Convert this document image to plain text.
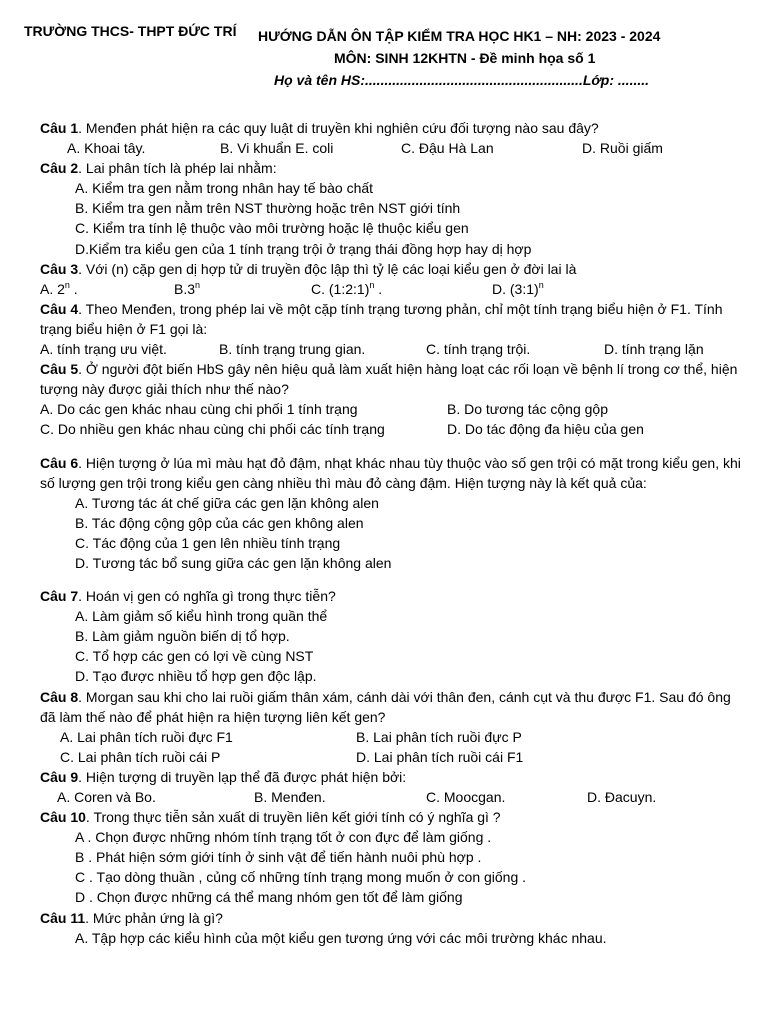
TRƯỜNG THCS- THPT ĐỨC TRÍ	HƯỚNG DẪN ÔN TẬP KIỂM TRA HỌC HK1 – NH: 2023 - 2024
MÔN: SINH 12KHTN - Đề minh họa số 1
Họ và tên HS:........................................................Lớp: ........
Câu 1. Menđen phát hiện ra các quy luật di truyền khi nghiên cứu đối tượng nào sau đây?
A. Khoai tây.	B. Vi khuẩn E. coli	C. Đậu Hà Lan	D. Ruồi giấm
Câu 2. Lai phân tích là phép lai nhằm:
A. Kiểm tra gen nằm trong nhân hay tế bào chất
B. Kiểm tra gen nằm trên NST thường hoặc trên NST giới tính
C. Kiểm tra tính lệ thuộc vào môi trường hoặc lệ thuộc kiểu gen
D.Kiểm tra kiểu gen của 1 tính trạng trội ở trạng thái đồng hợp hay dị hợp
Câu 3. Với (n) cặp gen dị hợp tử di truyền độc lập thì tỷ lệ các loại kiểu gen ở đời lai là
A. 2$^n$ .	B.3$^n$	C. (1:2:1)$^n$ .	D. (3:1)$^n$
Câu 4. Theo Menđen, trong phép lai về một cặp tính trạng tương phản, chỉ một tính trạng biểu hiện ở F1. Tính trạng biểu hiện ở F1 gọi là:
A. tính trạng ưu việt.	B. tính trạng trung gian.	C. tính trạng trội.	D. tính trạng lặn
Câu 5. Ở người đột biến HbS gây nên hiệu quả làm xuất hiện hàng loạt các rối loạn về bệnh lí trong cơ thể, hiện tượng này được giải thích như thế nào?
A. Do các gen khác nhau cùng chi phối 1 tính trạng	B. Do tương tác cộng gộp
C. Do nhiều gen khác nhau cùng chi phối các tính trạng	D. Do tác động đa hiệu của gen
Câu 6. Hiện tượng ở lúa mì màu hạt đỏ đậm, nhạt khác nhau tùy thuộc vào số gen trội có mặt trong kiểu gen, khi số lượng gen trội trong kiểu gen càng nhiều thì màu đỏ càng đậm. Hiện tượng này là kết quả của:
A. Tương tác át chế giữa các gen lặn không alen
B. Tác động cộng gộp của các gen không alen
C. Tác động của 1 gen lên nhiều tính trạng
D. Tương tác bổ sung giữa các gen lặn không alen
Câu 7. Hoán vị gen có nghĩa gì trong thực tiễn?
A. Làm giảm số kiểu hình trong quần thể
B. Làm giảm nguồn biến dị tổ hợp.
C. Tổ hợp các gen có lợi về cùng NST
D. Tạo được nhiều tổ hợp gen độc lập.
Câu 8. Morgan sau khi cho lai ruồi giấm thân xám, cánh dài với thân đen, cánh cụt và thu được F1. Sau đó ông đã làm thế nào để phát hiện ra hiện tượng liên kết gen?
A. Lai phân tích ruồi đực F1	B. Lai phân tích ruồi đực P
C. Lai phân tích ruồi cái P	D. Lai phân tích ruồi cái F1
Câu 9. Hiện tượng di truyền lạp thể đã được phát hiện bởi:
A. Coren và Bo.	B. Menđen.	C. Moocgan.	D. Đacuyn.
Câu 10. Trong thực tiễn sản xuất di truyền liên kết giới tính có ý nghĩa gì ?
A . Chọn được những nhóm tính trạng tốt ở con đực để làm giống .
B . Phát hiện sớm giới tính ở sinh vật để tiến hành nuôi phù hợp .
C . Tạo dòng thuần , củng cố những tính trạng mong muốn ở con giống .
D . Chọn được những cá thể mang nhóm gen tốt để làm giống
Câu 11. Mức phản ứng là gì?
A. Tập hợp các kiểu hình của một kiểu gen tương ứng với các môi trường khác nhau.
